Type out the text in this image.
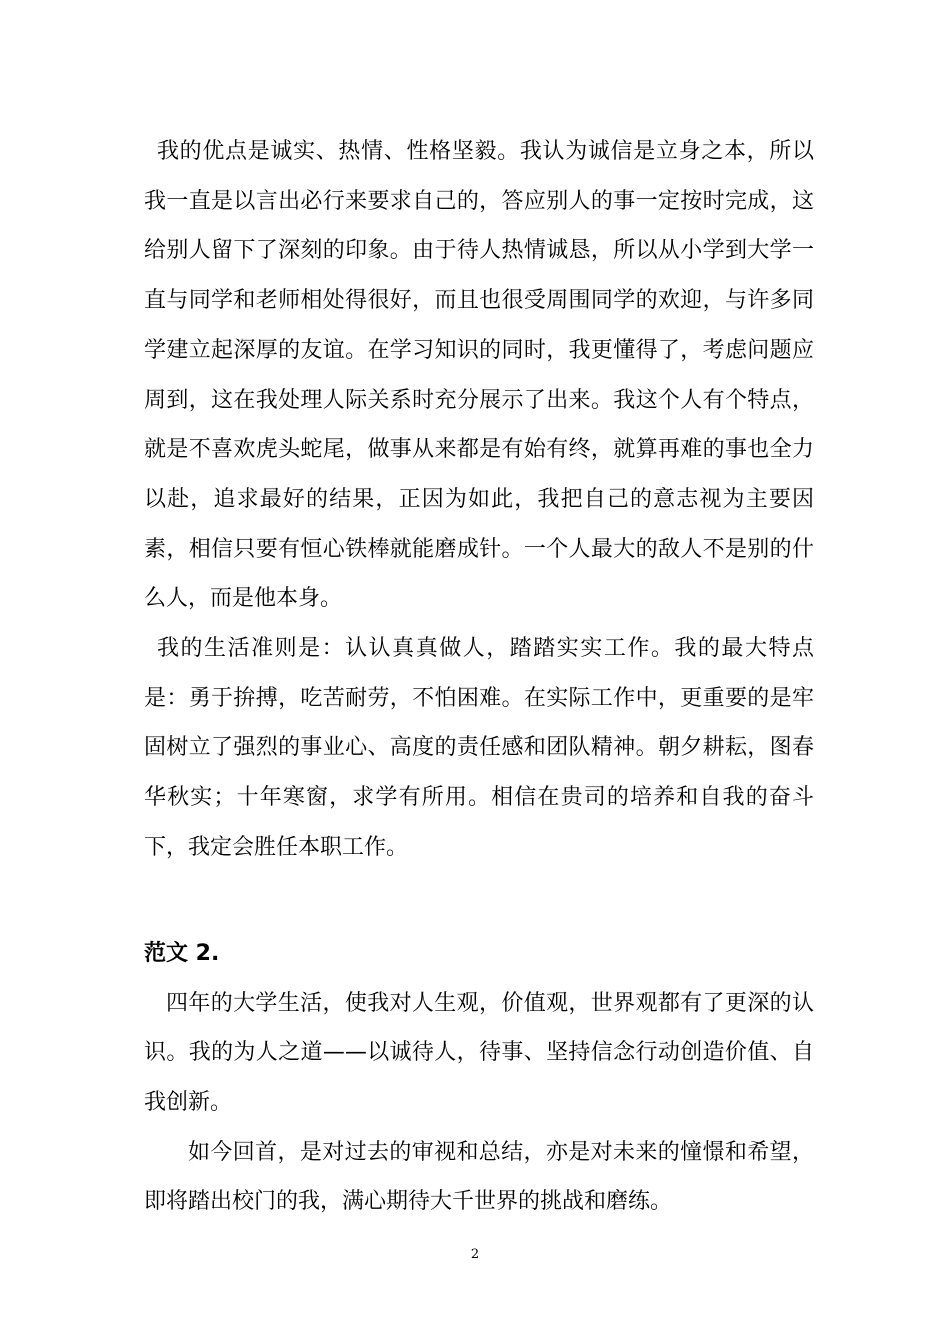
我的优点是诚实、热情、性格坚毅。我认为诚信是立身之本，所以我一直是以言出必行来要求自己的，答应别人的事一定按时完成，这给别人留下了深刻的印象。由于待人热情诚恳，所以从小学到大学一直与同学和老师相处得很好，而且也很受周围同学的欢迎，与许多同学建立起深厚的友谊。在学习知识的同时，我更懂得了，考虑问题应周到，这在我处理人际关系时充分展示了出来。我这个人有个特点，就是不喜欢虎头蛇尾，做事从来都是有始有终，就算再难的事也全力以赴，追求最好的结果，正因为如此，我把自己的意志视为主要因素，相信只要有恒心铁棒就能磨成针。一个人最大的敌人不是别的什么人，而是他本身。

我的生活准则是：认认真真做人，踏踏实实工作。我的最大特点是：勇于拚搏，吃苦耐劳，不怕困难。在实际工作中，更重要的是牢固树立了强烈的事业心、高度的责任感和团队精神。朝夕耕耘，图春华秋实；十年寒窗，求学有所用。相信在贵司的培养和自我的奋斗下，我定会胜任本职工作。

范文 2.

四年的大学生活，使我对人生观，价值观，世界观都有了更深的认识。我的为人之道——以诚待人，待事、坚持信念行动创造价值、自我创新。

如今回首，是对过去的审视和总结，亦是对未来的憧憬和希望，即将踏出校门的我，满心期待大千世界的挑战和磨练。

2
